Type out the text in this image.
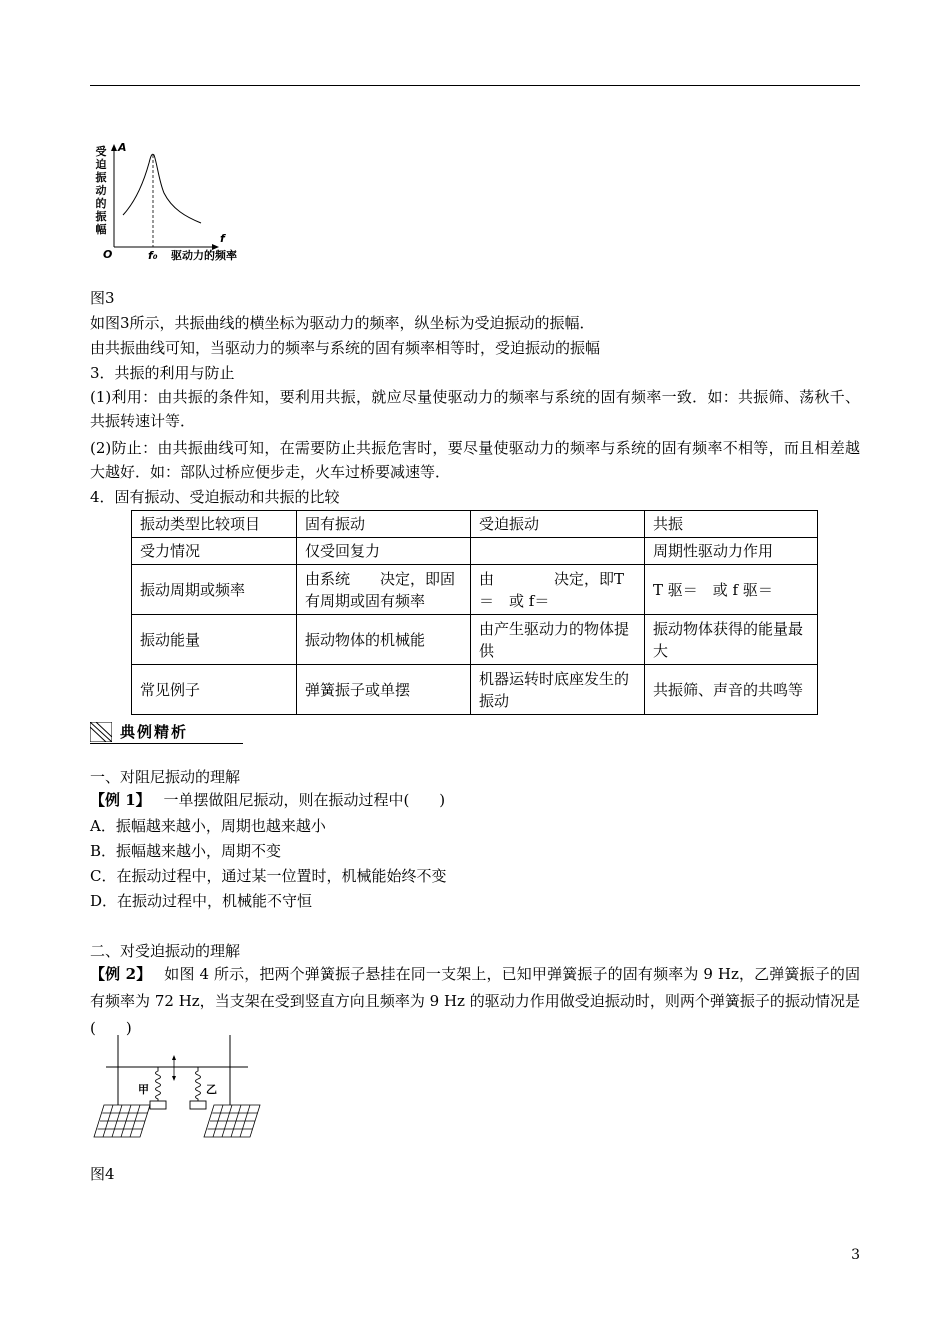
受
迫
振
动
的
振
幅
A
f
O	f₀ 驱动力的频率
图3
如图3所示，共振曲线的横坐标为驱动力的频率，纵坐标为受迫振动的振幅．
由共振曲线可知，当驱动力的频率与系统的固有频率相等时，受迫振动的振幅
3．共振的利用与防止
(1)利用：由共振的条件知，要利用共振，就应尽量使驱动力的频率与系统的固有频率一致．如：共振筛、荡秋千、共振转速计等．
(2)防止：由共振曲线可知，在需要防止共振危害时，要尽量使驱动力的频率与系统的固有频率不相等，而且相差越大越好．如：部队过桥应便步走，火车过桥要减速等．
4．固有振动、受迫振动和共振的比较
振动类型比较项目	固有振动	受迫振动	共振
受力情况	仅受回复力		周期性驱动力作用
振动周期或频率	由系统　　决定，即固有周期或固有频率	由　　　　决定，即T＝　或 f＝	T 驱＝　或 f 驱＝
振动能量	振动物体的机械能	由产生驱动力的物体提供	振动物体获得的能量最大
常见例子	弹簧振子或单摆	机器运转时底座发生的振动	共振筛、声音的共鸣等
典例精析
一、对阻尼振动的理解
【例 1】 一单摆做阻尼振动，则在振动过程中(　　)
A．振幅越来越小，周期也越来越小
B．振幅越来越小，周期不变
C．在振动过程中，通过某一位置时，机械能始终不变
D．在振动过程中，机械能不守恒
二、对受迫振动的理解
【例 2】 如图 4 所示，把两个弹簧振子悬挂在同一支架上，已知甲弹簧振子的固有频率为 9 Hz，乙弹簧振子的固有频率为 72 Hz，当支架在受到竖直方向且频率为 9 Hz 的驱动力作用做受迫振动时，则两个弹簧振子的振动情况是(　　)
甲	乙
图4
3
